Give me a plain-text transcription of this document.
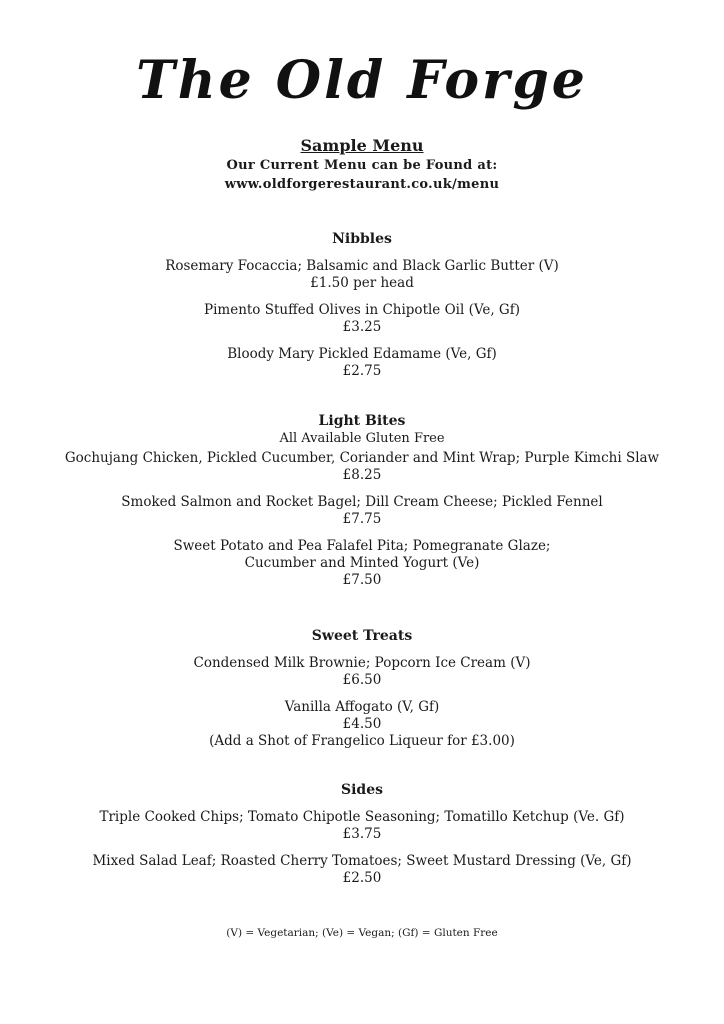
The Old Forge
Sample Menu
Our Current Menu can be Found at:
www.oldforgerestaurant.co.uk/menu
Nibbles
Rosemary Focaccia; Balsamic and Black Garlic Butter (V)
£1.50 per head
Pimento Stuffed Olives in Chipotle Oil (Ve, Gf)
£3.25
Bloody Mary Pickled Edamame (Ve, Gf)
£2.75
Light Bites
All Available Gluten Free
Gochujang Chicken, Pickled Cucumber, Coriander and Mint Wrap; Purple Kimchi Slaw
£8.25
Smoked Salmon and Rocket Bagel; Dill Cream Cheese; Pickled Fennel
£7.75
Sweet Potato and Pea Falafel Pita; Pomegranate Glaze;
Cucumber and Minted Yogurt (Ve)
£7.50
Sweet Treats
Condensed Milk Brownie; Popcorn Ice Cream (V)
£6.50
Vanilla Affogato (V, Gf)
£4.50
(Add a Shot of Frangelico Liqueur for £3.00)
Sides
Triple Cooked Chips; Tomato Chipotle Seasoning; Tomatillo Ketchup (Ve. Gf)
£3.75
Mixed Salad Leaf; Roasted Cherry Tomatoes; Sweet Mustard Dressing (Ve, Gf)
£2.50
(V) = Vegetarian; (Ve) = Vegan; (Gf) = Gluten Free
